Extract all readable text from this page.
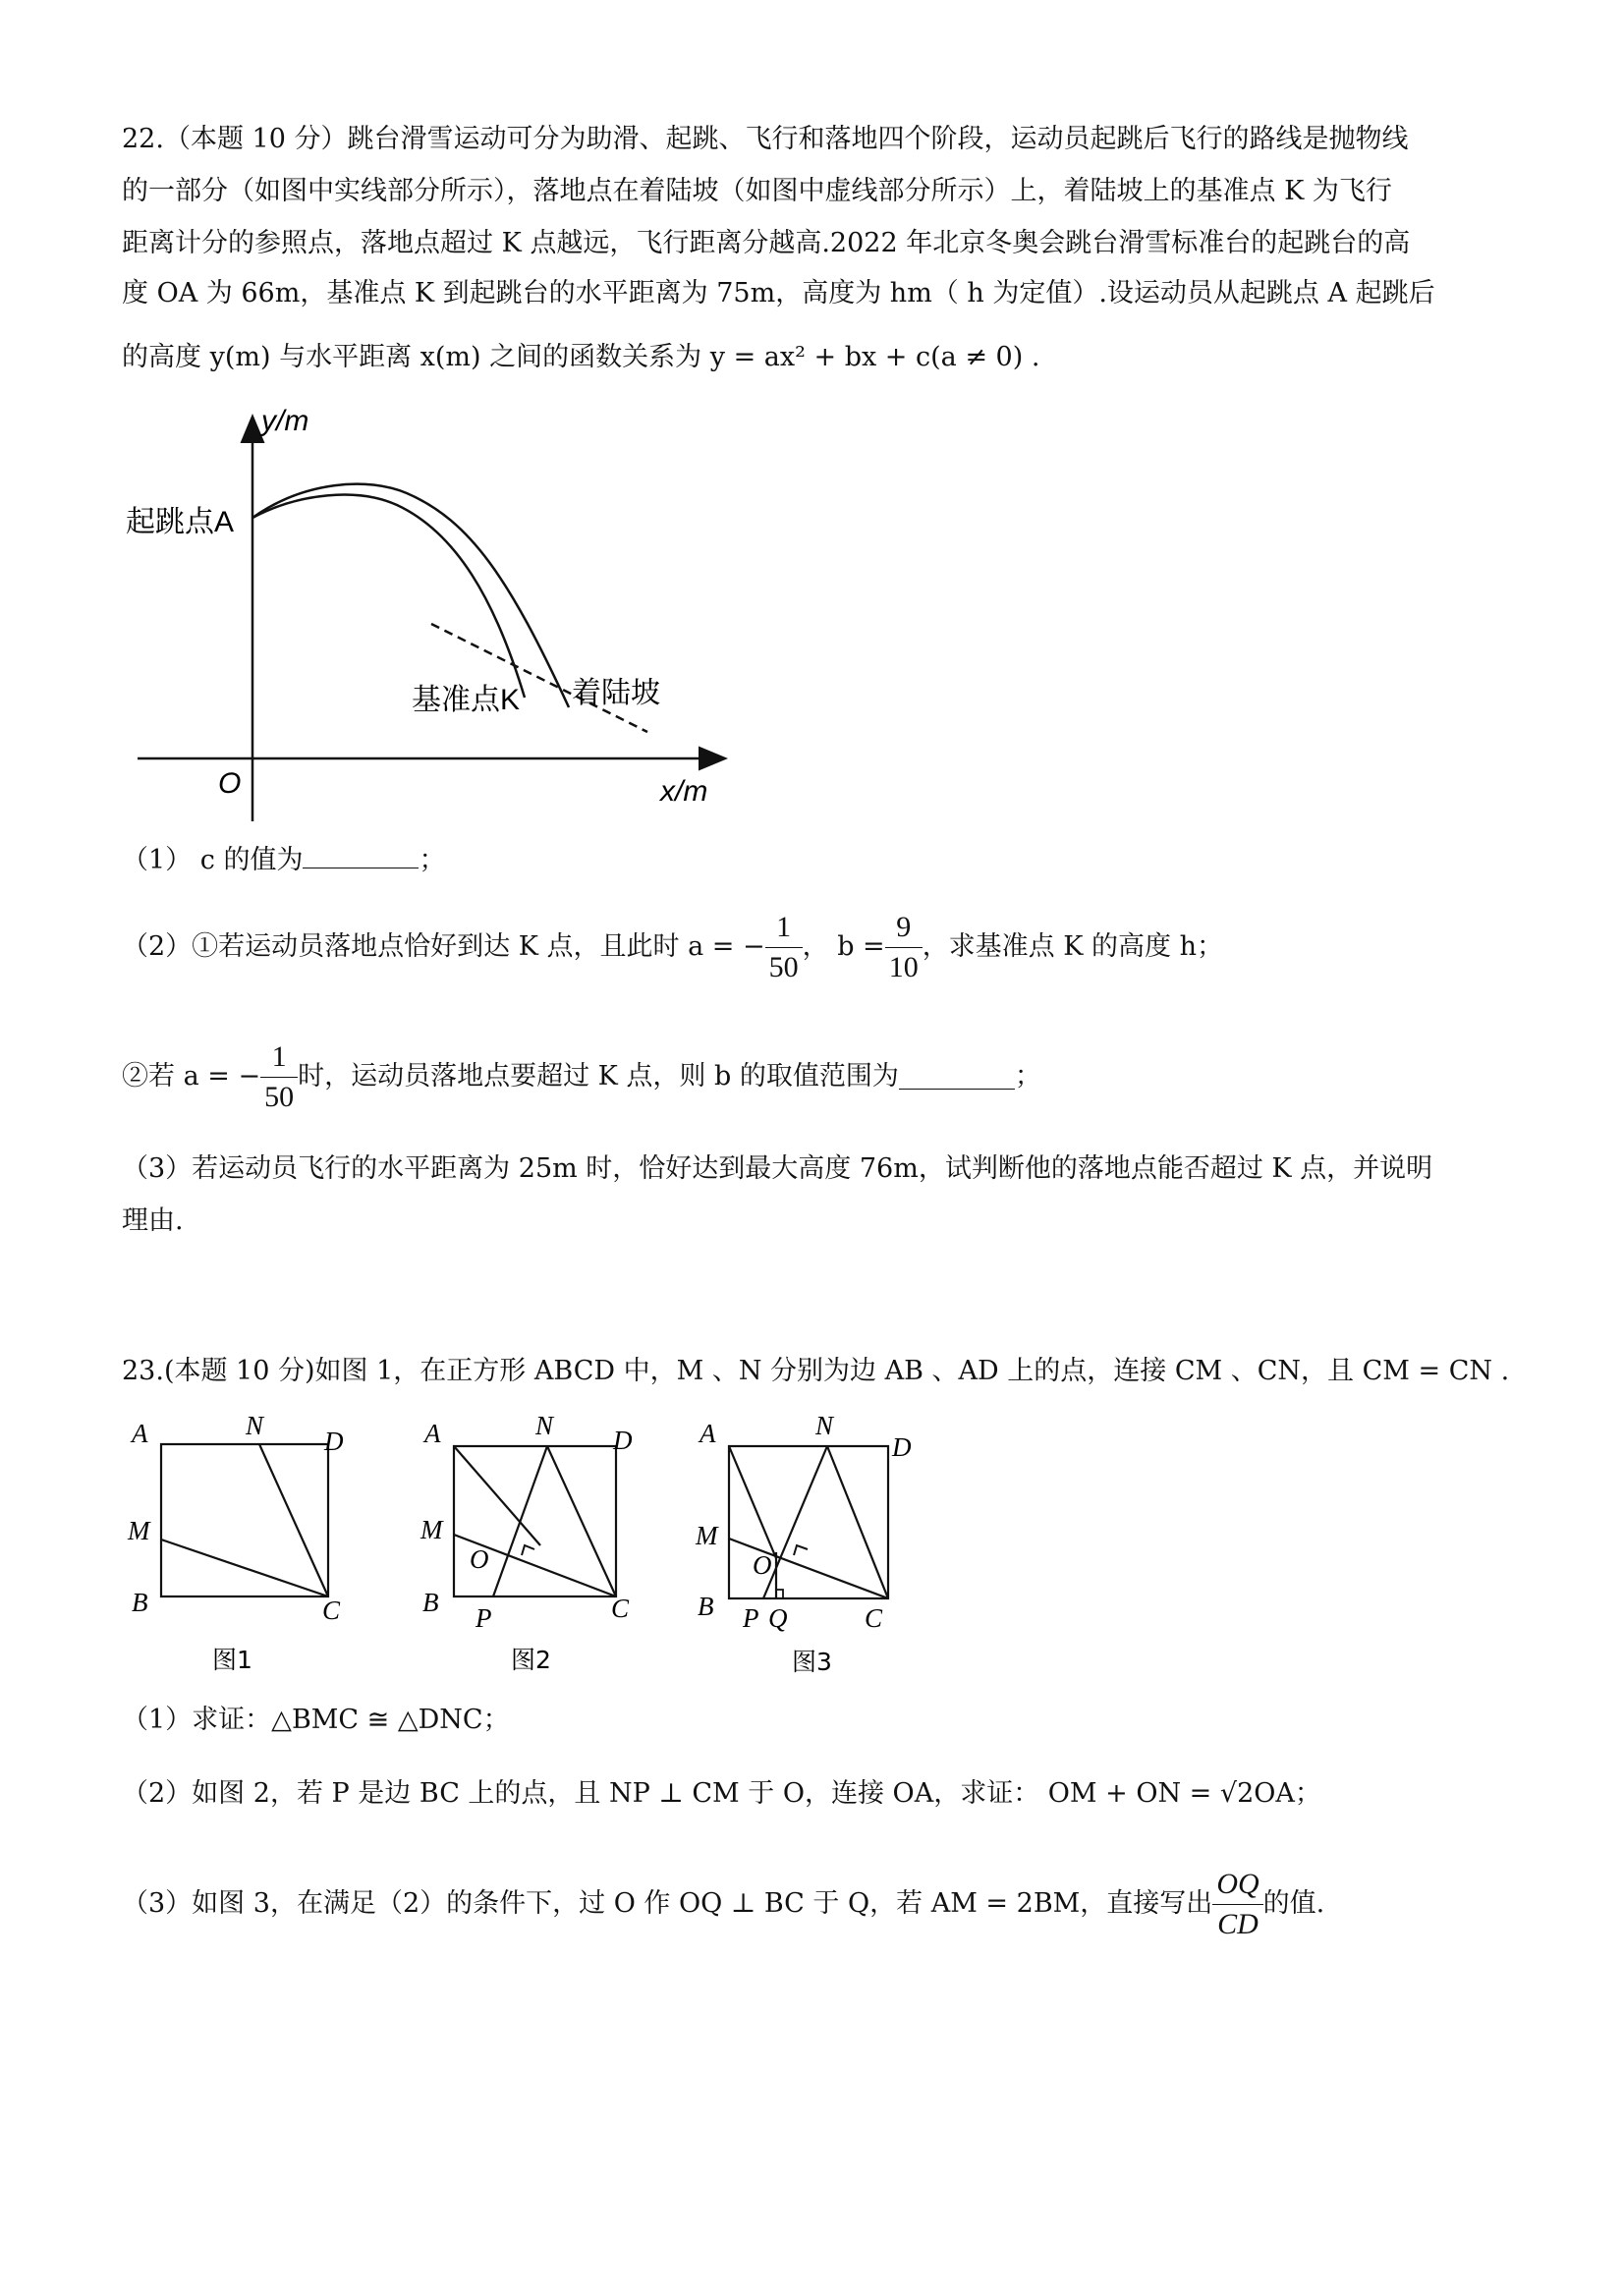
22.（本题 10 分）跳台滑雪运动可分为助滑、起跳、飞行和落地四个阶段，运动员起跳后飞行的路线是抛物线
的一部分（如图中实线部分所示），落地点在着陆坡（如图中虚线部分所示）上，着陆坡上的基准点 K 为飞行
距离计分的参照点，落地点超过 K 点越远，飞行距离分越高.2022 年北京冬奥会跳台滑雪标准台的起跳台的高
度 OA 为 66m，基准点 K 到起跳台的水平距离为 75m，高度为 hm（ h 为定值）.设运动员从起跳点 A 起跳后
的高度 y(m) 与水平距离 x(m) 之间的函数关系为 y = ax² + bx + c(a ≠ 0) .
y/m
x/m
O
起跳点A
基准点K 着陆坡
（1） c 的值为	；
（2）①若运动员落地点恰好到达 K 点，且此时 a = − $\frac{1}{50}$ ， $b = \frac{9}{10}$ ，求基准点 K 的高度 h；
②若 a = − $\frac{1}{50}$ 时，运动员落地点要超过 K 点，则 b 的取值范围为	；
（3）若运动员飞行的水平距离为 25m 时，恰好达到最大高度 76m，试判断他的落地点能否超过 K 点，并说明
理由.
23.(本题 10 分)如图 1，在正方形 ABCD 中，M 、N 分别为边 AB 、AD 上的点，连接 CM 、CN，且 CM = CN .
A	N
D
M
B	C
图1
A	N D
M
O
B
P	C
图2
A	N
D
M
O
B P Q	C
图3
（1）求证：△BMC ≅ △DNC；
（2）如图 2，若 P 是边 BC 上的点，且 NP ⊥ CM 于 O，连接 OA，求证： OM + ON = √2OA；
（3）如图 3，在满足（2）的条件下，过 O 作 OQ ⊥ BC 于 Q，若 AM = 2BM，直接写出 $\frac{OQ}{CD}$ 的值.
